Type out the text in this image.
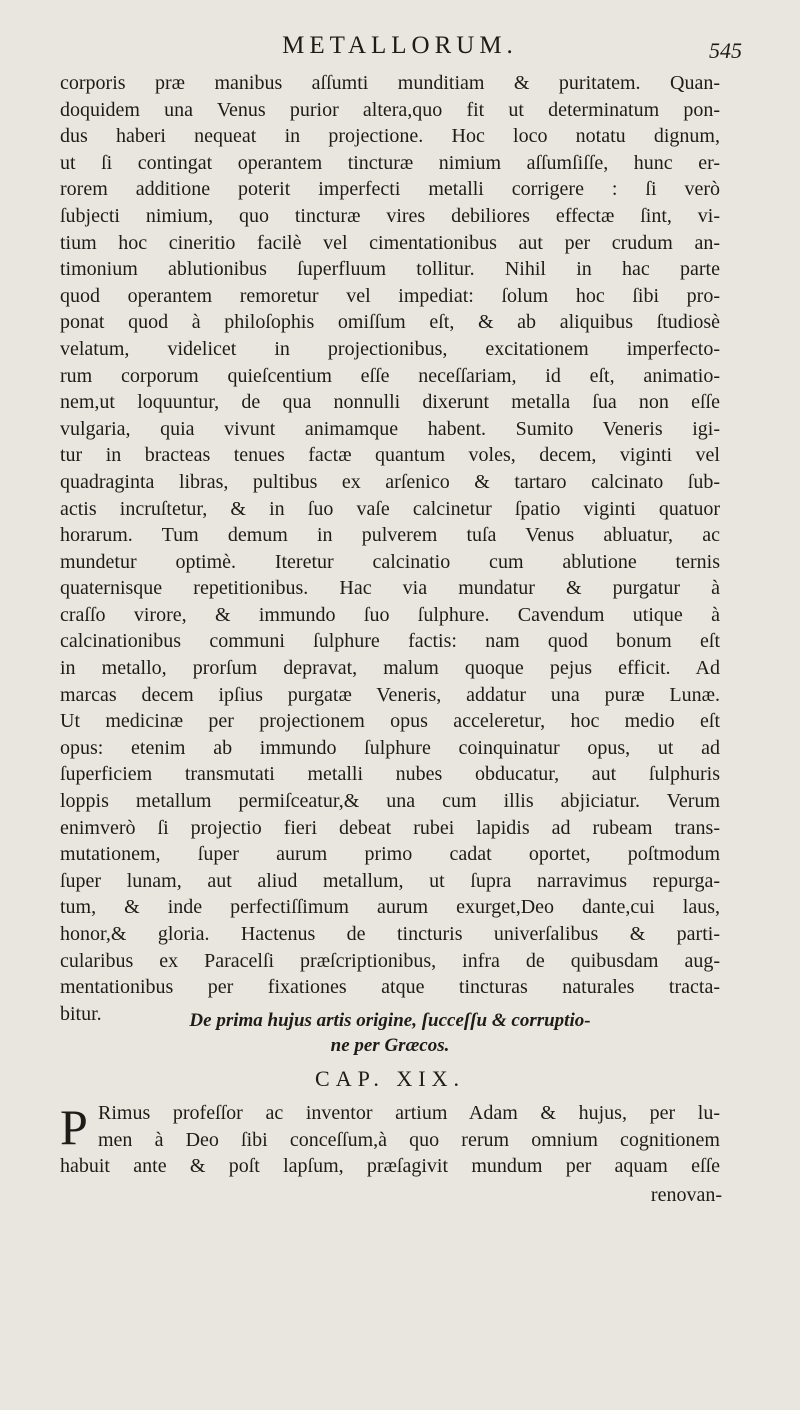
METALLORUM.	545
corporis præ manibus aſſumti munditiam & puritatem. Quan-
doquidem una Venus purior altera,quo fit ut determinatum pon-
dus haberi nequeat in projectione. Hoc loco notatu dignum,
ut ſi contingat operantem tincturæ nimium aſſumſiſſe, hunc er-
rorem additione poterit imperfecti metalli corrigere : ſi verò
ſubjecti nimium, quo tincturæ vires debiliores effectæ ſint, vi-
tium hoc cineritio facilè vel cimentationibus aut per crudum an-
timonium ablutionibus ſuperfluum tollitur. Nihil in hac parte
quod operantem remoretur vel impediat: ſolum hoc ſibi pro-
ponat quod à philoſophis omiſſum eſt, & ab aliquibus ſtudiosè
velatum, videlicet in projectionibus, excitationem imperfecto-
rum corporum quieſcentium eſſe neceſſariam, id eſt, animatio-
nem,ut loquuntur, de qua nonnulli dixerunt metalla ſua non eſſe
vulgaria, quia vivunt animamque habent. Sumito Veneris igi-
tur in bracteas tenues factæ quantum voles, decem, viginti vel
quadraginta libras, pultibus ex arſenico & tartaro calcinato ſub-
actis incruſtetur, & in ſuo vaſe calcinetur ſpatio viginti quatuor
horarum. Tum demum in pulverem tuſa Venus abluatur, ac
mundetur optimè. Iteretur calcinatio cum ablutione ternis
quaternisque repetitionibus. Hac via mundatur & purgatur à
craſſo virore, & immundo ſuo ſulphure. Cavendum utique à
calcinationibus communi ſulphure factis: nam quod bonum eſt
in metallo, prorſum depravat, malum quoque pejus efficit. Ad
marcas decem ipſius purgatæ Veneris, addatur una puræ Lunæ.
Ut medicinæ per projectionem opus acceleretur, hoc medio eſt
opus: etenim ab immundo ſulphure coinquinatur opus, ut ad
ſuperficiem transmutati metalli nubes obducatur, aut ſulphuris
loppis metallum permiſceatur,& una cum illis abjiciatur. Verum
enimverò ſi projectio fieri debeat rubei lapidis ad rubeam trans-
mutationem, ſuper aurum primo cadat oportet, poſtmodum
ſuper lunam, aut aliud metallum, ut ſupra narravimus repurga-
tum, & inde perfectiſſimum aurum exurget,Deo dante,cui laus,
honor,& gloria. Hactenus de tincturis univerſalibus & parti-
cularibus ex Paracelſi præſcriptionibus, infra de quibusdam aug-
mentationibus per fixationes atque tincturas naturales tracta-
bitur.	De prima hujus artis origine, ſucceſſu & corruptio-
ne per Græcos.
CAP. XIX.
P Rimus profeſſor ac inventor artium Adam & hujus, per lu-
men à Deo ſibi conceſſum,à quo rerum omnium cognitionem
habuit ante & poſt lapſum, præſagivit mundum per aquam eſſe
renovan-
